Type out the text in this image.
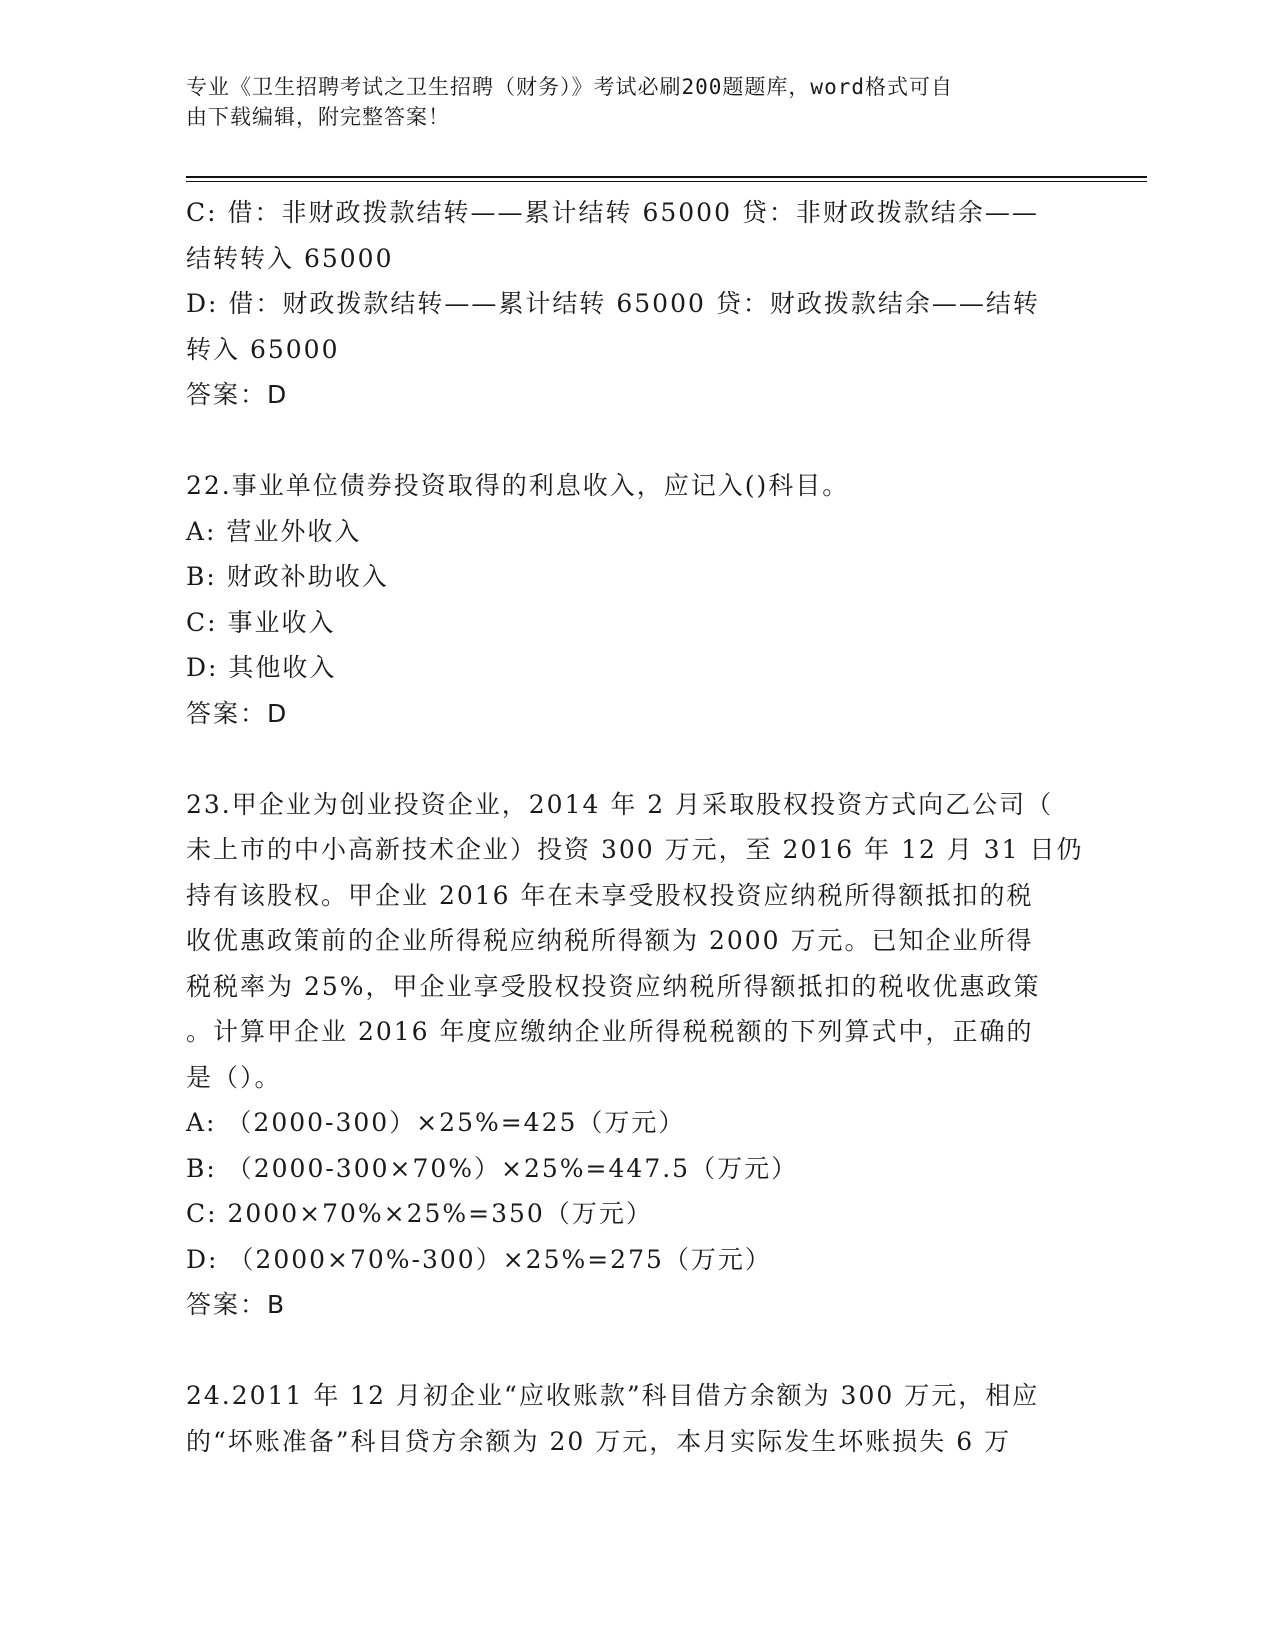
专业《卫生招聘考试之卫生招聘（财务）》考试必刷200题题库，word格式可自
由下载编辑，附完整答案！
C: 借：非财政拨款结转——累计结转 65000 贷：非财政拨款结余——
结转转入 65000
D: 借：财政拨款结转——累计结转 65000 贷：财政拨款结余——结转
转入 65000
答案：D
22.事业单位债券投资取得的利息收入，应记入()科目。
A: 营业外收入
B: 财政补助收入
C: 事业收入
D: 其他收入
答案：D
23.甲企业为创业投资企业，2014 年 2 月采取股权投资方式向乙公司（
未上市的中小高新技术企业）投资 300 万元，至 2016 年 12 月 31 日仍
持有该股权。甲企业 2016 年在未享受股权投资应纳税所得额抵扣的税
收优惠政策前的企业所得税应纳税所得额为 2000 万元。已知企业所得
税税率为 25%，甲企业享受股权投资应纳税所得额抵扣的税收优惠政策
。计算甲企业 2016 年度应缴纳企业所得税税额的下列算式中，正确的
是（）。
A: （2000-300）×25%=425（万元）
B: （2000-300×70%）×25%=447.5（万元）
C: 2000×70%×25%=350（万元）
D: （2000×70%-300）×25%=275（万元）
答案：B
24.2011 年 12 月初企业“应收账款”科目借方余额为 300 万元，相应
的“坏账准备”科目贷方余额为 20 万元，本月实际发生坏账损失 6 万
